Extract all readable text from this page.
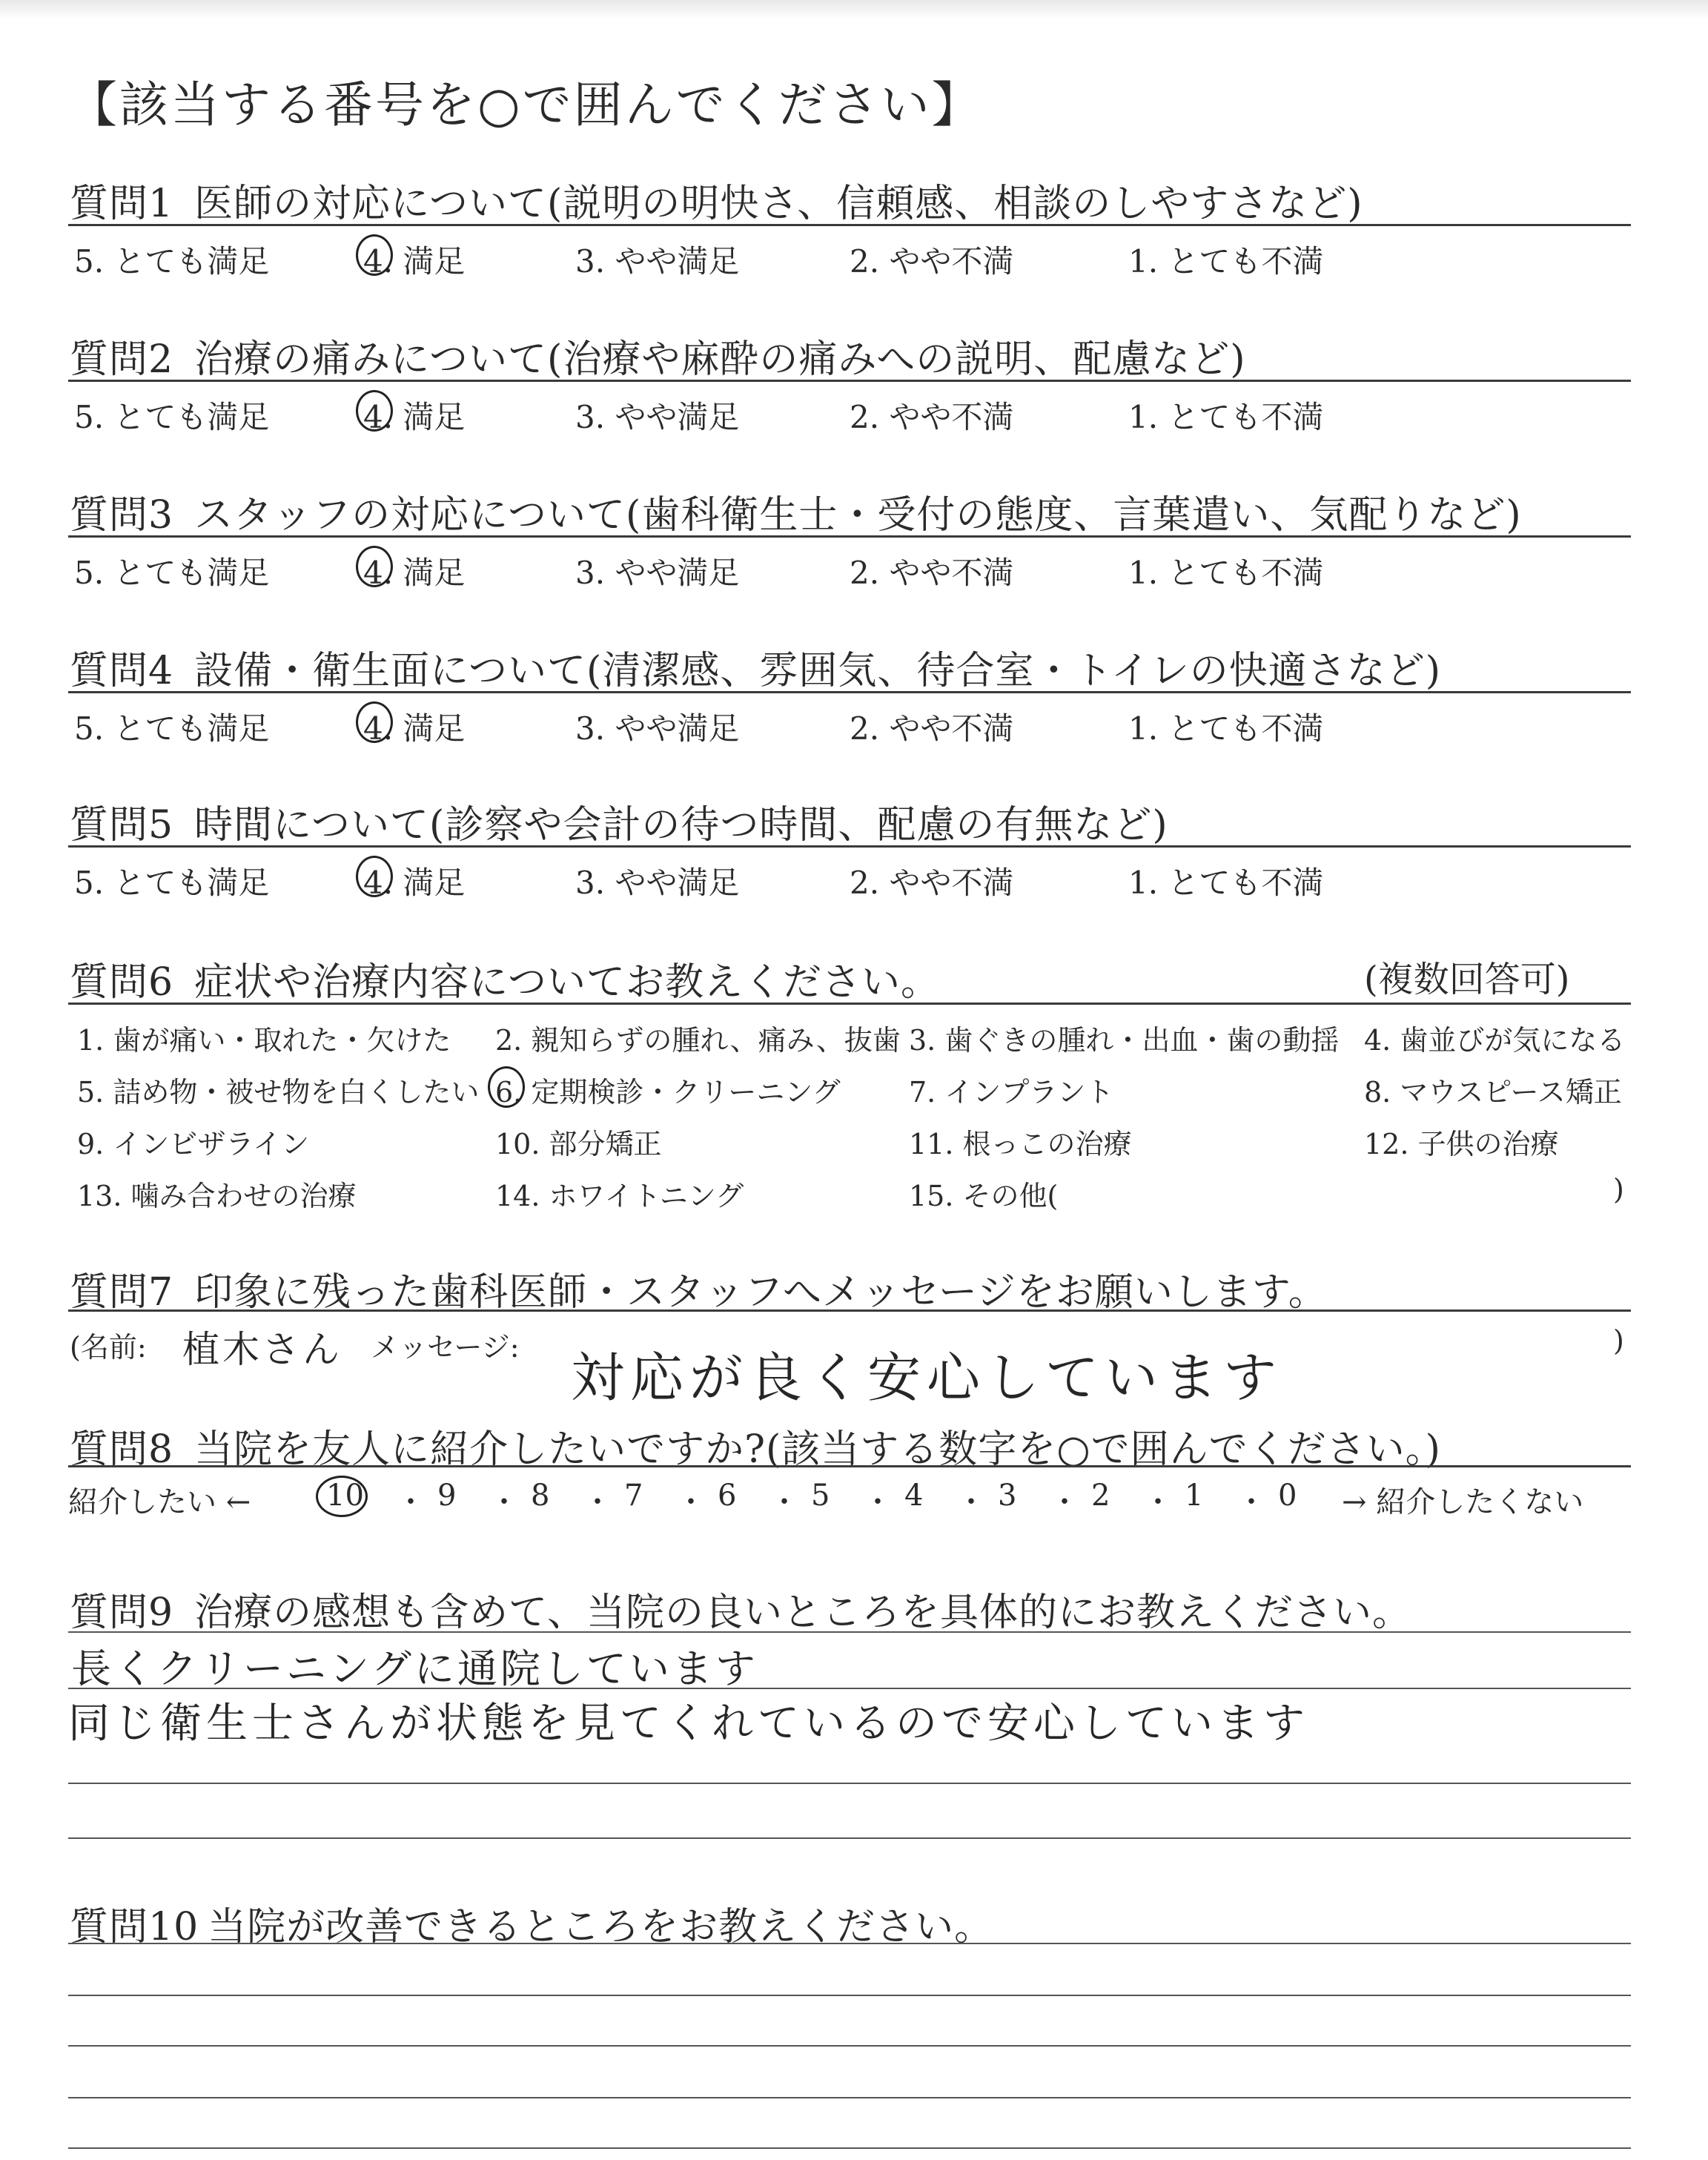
【該当する番号を○で囲んでください】
質問1 医師の対応について(説明の明快さ、信頼感、相談のしやすさなど)
5. とても満足	4. 満足	3. やや満足	2. やや不満	1. とても不満
質問2 治療の痛みについて(治療や麻酔の痛みへの説明、配慮など)
5. とても満足	4. 満足	3. やや満足	2. やや不満	1. とても不満
質問3 スタッフの対応について(歯科衛生士・受付の態度、言葉遣い、気配りなど)
5. とても満足	4. 満足	3. やや満足	2. やや不満	1. とても不満
質問4 設備・衛生面について(清潔感、雰囲気、待合室・トイレの快適さなど)
5. とても満足	4. 満足	3. やや満足	2. やや不満	1. とても不満
質問5 時間について(診察や会計の待つ時間、配慮の有無など)
5. とても満足	4. 満足	3. やや満足	2. やや不満	1. とても不満
質問6 症状や治療内容についてお教えください。	(複数回答可)
1. 歯が痛い・取れた・欠けた 2. 親知らずの腫れ、痛み、抜歯 3. 歯ぐきの腫れ・出血・歯の動揺 4. 歯並びが気になる
5. 詰め物・被せ物を白くしたい 6. 定期検診・クリーニング 7. インプラント	8. マウスピース矯正
9. インビザライン	10. 部分矯正	11. 根っこの治療	12. 子供の治療
13. 噛み合わせの治療	14. ホワイトニング	15. その他(	)
質問7 印象に残った歯科医師・スタッフへメッセージをお願いします。
(名前: 植木さん メッセージ: 対応が良く安心しています
)
質問8 当院を友人に紹介したいですか?(該当する数字を○で囲んでください。)
紹介したい ←	10 ・ 9 ・ 8 ・ 7 ・ 6 ・ 5 ・ 4 ・ 3 ・ 2 ・ 1 ・ 0 → 紹介したくない
質問9 治療の感想も含めて、当院の良いところを具体的にお教えください。
長くクリーニングに通院しています
同じ衛生士さんが状態を見てくれているので安心しています
質問10 当院が改善できるところをお教えください。
